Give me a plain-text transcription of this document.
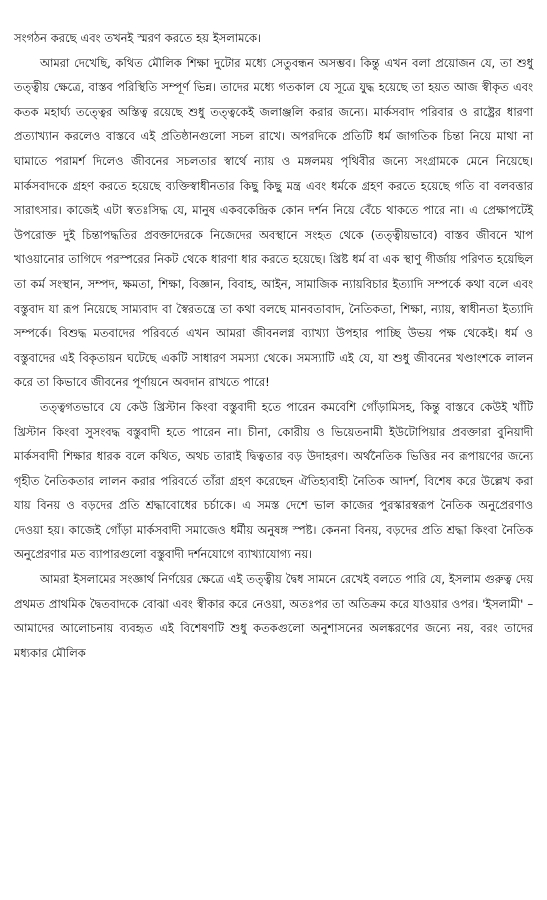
সংগঠন করছে এবং তখনই স্মরণ করতে হয় ইসলামকে।

আমরা দেখেছি, কথিত মৌলিক শিক্ষা দুটোর মধ্যে সেতুবন্ধন অসম্ভব। কিন্তু এখন বলা প্রয়োজন যে, তা শুধু তত্ত্বীয় ক্ষেত্রে, বাস্তব পরিস্থিতি সম্পূর্ণ ভিন্ন। তাদের মধ্যে গতকাল যে সূত্রে যুদ্ধ হয়েছে তা হয়ত আজ স্বীকৃত এবং কতক মহার্ঘ্য তত্ত্বের অস্তিত্ব রয়েছে শুধু তত্ত্বকেই জলাঞ্জলি করার জন্যে। মার্কসবাদ পরিবার ও রাষ্ট্রের ধারণা প্রত্যাখ্যান করলেও বাস্তবে এই প্রতিষ্ঠানগুলো সচল রাখে। অপরদিকে প্রতিটি ধর্ম জাগতিক চিন্তা নিয়ে মাথা না ঘামাতে পরামর্শ দিলেও জীবনের সচলতার স্বার্থে ন্যায় ও মঙ্গলময় পৃথিবীর জন্যে সংগ্রামকে মেনে নিয়েছে। মার্কসবাদকে গ্রহণ করতে হয়েছে ব্যক্তিস্বাধীনতার কিছু কিছু মন্ত্র এবং ধর্মকে গ্রহণ করতে হয়েছে গতি বা বলবত্তার সারাৎসার। কাজেই এটা স্বতঃসিদ্ধ যে, মানুষ একবকেন্দ্রিক কোন দর্শন নিয়ে বেঁচে থাকতে পারে না। এ প্রেক্ষাপটেই উপরোক্ত দুই চিন্তাপদ্ধতির প্রবক্তাদেরকে নিজেদের অবস্থানে সংহত থেকে (তত্ত্বীয়ভাবে) বাস্তব জীবনে খাপ খাওয়ানোর তাগিদে পরস্পরের নিকট থেকে ধারণা ধার করতে হয়েছে। খ্রিষ্ট ধর্ম বা এক স্থাণু গীর্জায় পরিণত হয়েছিল তা কর্ম সংস্থান, সম্পদ, ক্ষমতা, শিক্ষা, বিজ্ঞান, বিবাহ, আইন, সামাজিক ন্যায়বিচার ইত্যাদি সম্পর্কে কথা বলে এবং বস্তুবাদ যা রূপ নিয়েছে সাম্যবাদ বা স্বৈরতন্ত্রে তা কথা বলছে মানবতাবাদ, নৈতিকতা, শিক্ষা, ন্যায়, স্বাধীনতা ইত্যাদি সম্পর্কে। বিশুদ্ধ মতবাদের পরিবর্তে এখন আমরা জীবনলগ্ন ব্যাখ্যা উপহার পাচ্ছি উভয় পক্ষ থেকেই। ধর্ম ও বস্তুবাদের এই বিকৃতায়ন ঘটেছে একটি সাধারণ সমস্যা থেকে। সমস্যাটি এই যে, যা শুধু জীবনের খণ্ডাংশকে লালন করে তা কিভাবে জীবনের পূর্ণায়নে অবদান রাখতে পারে!

তত্ত্বগতভাবে যে কেউ খ্রিস্টান কিংবা বস্তুবাদী হতে পারেন কমবেশি গোঁড়ামিসহ, কিন্তু বাস্তবে কেউই খাঁটি খ্রিস্টান কিংবা সুসংবদ্ধ বস্তুবাদী হতে পারেন না। চীনা, কোরীয় ও ভিয়েতনামী ইউটোপিয়ার প্রবক্তারা বুনিয়াদী মার্কসবাদী শিক্ষার ধারক বলে কথিত, অথচ তারাই দ্বিত্বতার বড় উদাহরণ। অর্থনৈতিক ভিত্তির নব রূপায়ণের জন্যে গৃহীত নৈতিকতার লালন করার পরিবর্তে তাঁরা গ্রহণ করেছেন ঐতিহ্যবাহী নৈতিক আদর্শ, বিশেষ করে উল্লেখ করা যায় বিনয় ও বড়দের প্রতি শ্রদ্ধাবোধের চর্চাকে। এ সমস্ত দেশে ভাল কাজের পুরস্কারস্বরূপ নৈতিক অনুপ্রেরণাও দেওয়া হয়। কাজেই গোঁড়া মার্কসবাদী সমাজেও ধর্মীয় অনুষঙ্গ স্পষ্ট। কেননা বিনয়, বড়দের প্রতি শ্রদ্ধা কিংবা নৈতিক অনুপ্রেরণার মত ব্যাপারগুলো বস্তুবাদী দর্শনযোগে ব্যাখ্যাযোগ্য নয়।

আমরা ইসলামের সংজ্ঞার্থ নির্ণয়ের ক্ষেত্রে এই তত্ত্বীয় দ্বৈধ সামনে রেখেই বলতে পারি যে, ইসলাম গুরুত্ব দেয় প্রথমত প্রাথমিক দ্বৈতবাদকে বোঝা এবং স্বীকার করে নেওয়া, অতঃপর তা অতিক্রম করে যাওয়ার ওপর। 'ইসলামী' – আমাদের আলোচনায় ব্যবহৃত এই বিশেষণটি শুধু কতকগুলো অনুশাসনের অলঙ্করণের জন্যে নয়, বরং তাদের মধ্যকার মৌলিক
